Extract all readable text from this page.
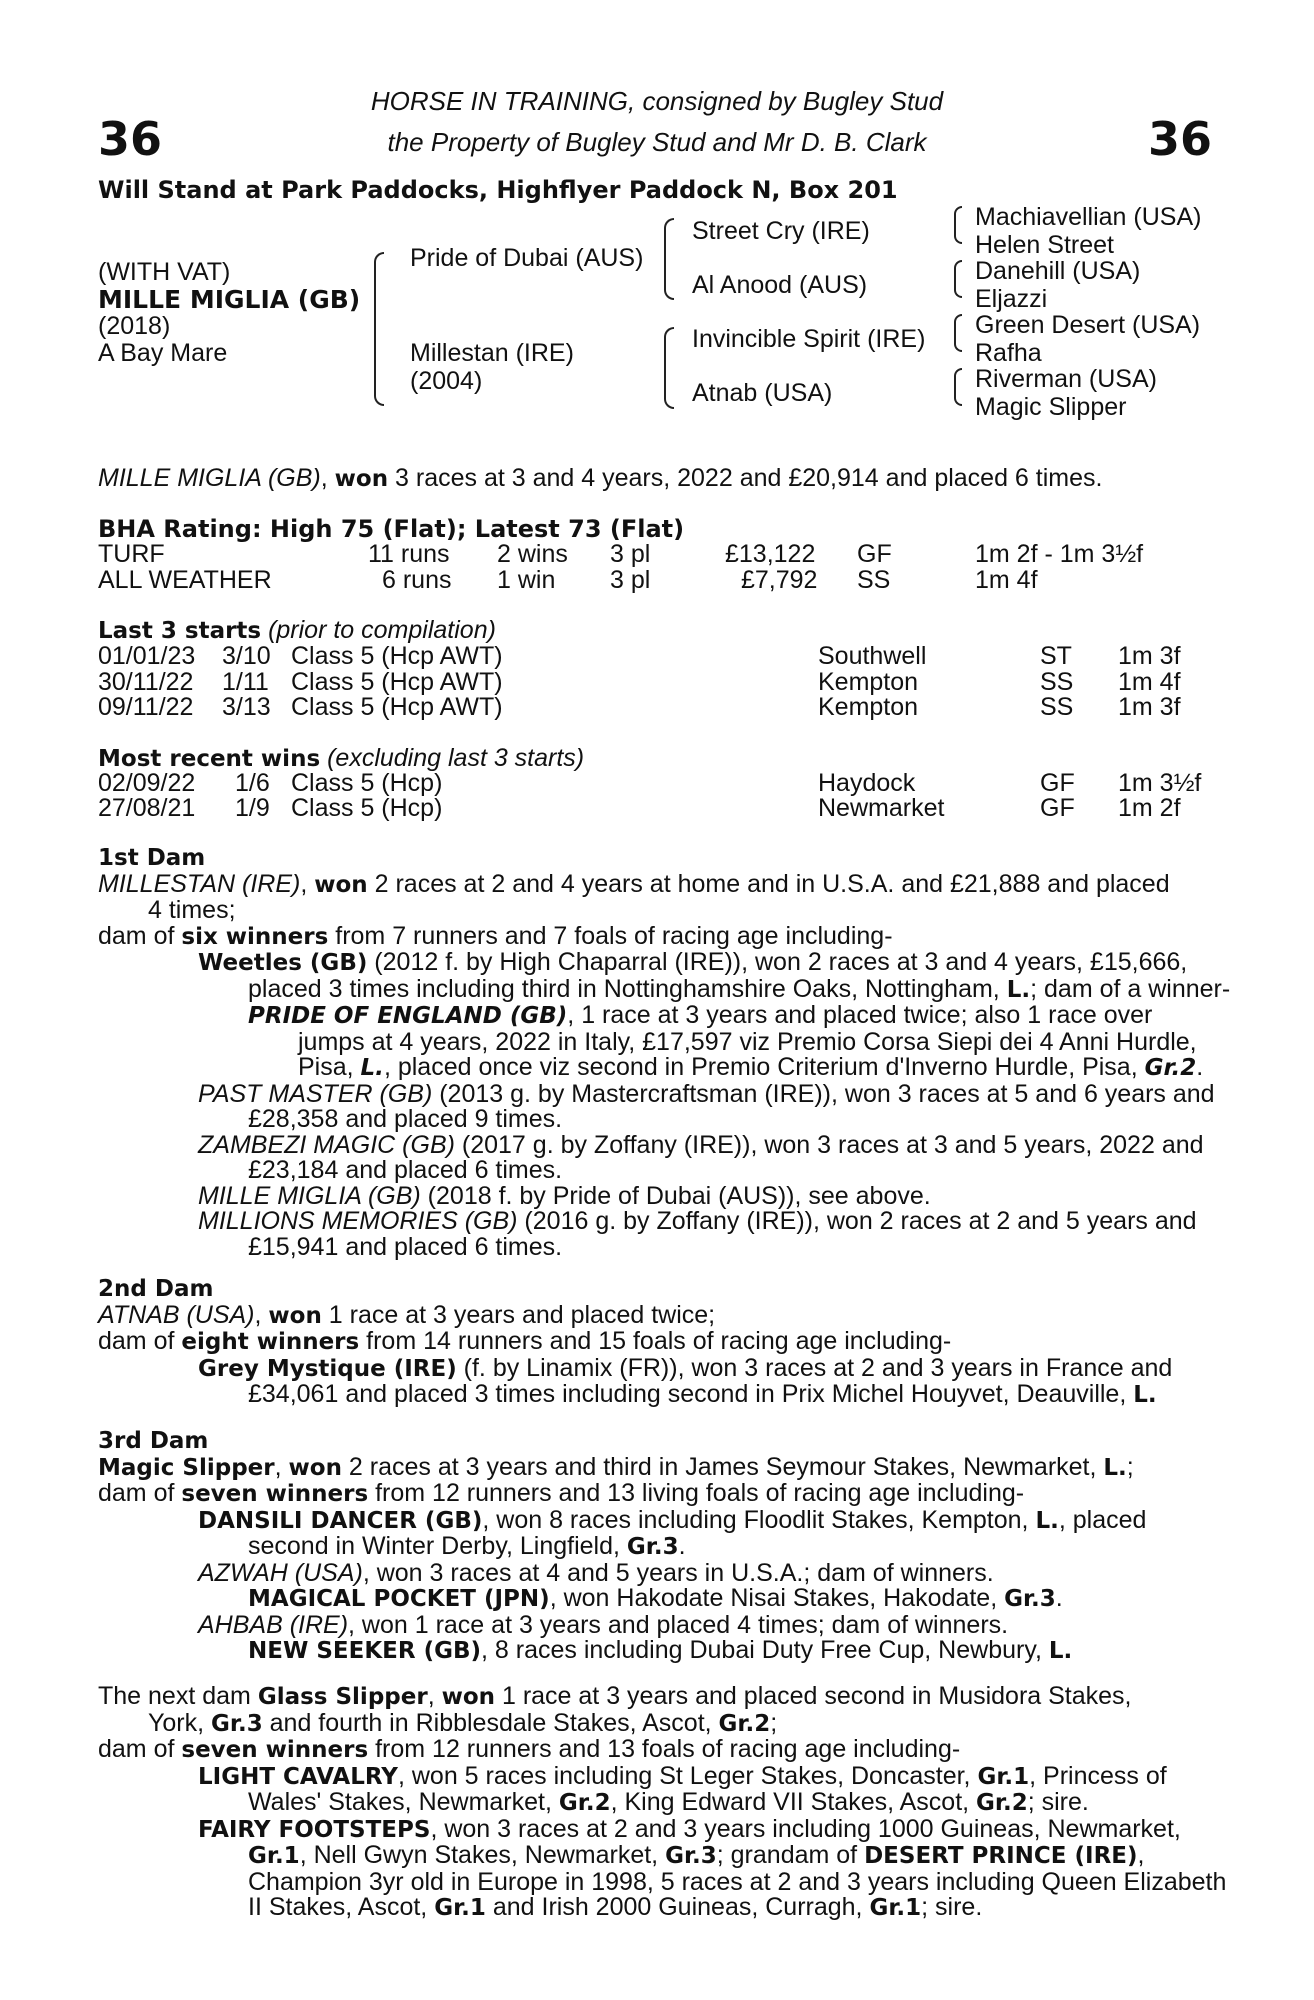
36	36
HORSE IN TRAINING, consigned by Bugley Stud
the Property of Bugley Stud and Mr D. B. Clark
Will Stand at Park Paddocks, Highflyer Paddock N, Box 201
(WITH VAT)
MILLE MIGLIA (GB)
(2018)
A Bay Mare
Pride of Dubai (AUS)
Millestan (IRE)
(2004)
Street Cry (IRE)
Al Anood (AUS)
Invincible Spirit (IRE)
Atnab (USA)
Machiavellian (USA)
Helen Street
Danehill (USA)
Eljazzi
Green Desert (USA)
Rafha
Riverman (USA)
Magic Slipper
MILLE MIGLIA (GB), won 3 races at 3 and 4 years, 2022 and £20,914 and placed 6 times.
BHA Rating: High 75 (Flat); Latest 73 (Flat)
TURF	11 runs 2 wins 3 pl	£13,122 GF	1m 2f - 1m 3½f
ALL WEATHER	6 runs 1 win 3 pl	£7,792 SS	1m 4f
Last 3 starts (prior to compilation)
01/01/23 3/10 Class 5 (Hcp AWT)	Southwell	ST 1m 3f
30/11/22 1/11 Class 5 (Hcp AWT)	Kempton	SS 1m 4f
09/11/22 3/13 Class 5 (Hcp AWT)	Kempton	SS 1m 3f
Most recent wins (excluding last 3 starts)
02/09/22 1/6 Class 5 (Hcp)	Haydock	GF 1m 3½f
27/08/21 1/9 Class 5 (Hcp)	Newmarket	GF 1m 2f
1st Dam
MILLESTAN (IRE), won 2 races at 2 and 4 years at home and in U.S.A. and £21,888 and placed
4 times;
dam of six winners from 7 runners and 7 foals of racing age including-
Weetles (GB) (2012 f. by High Chaparral (IRE)), won 2 races at 3 and 4 years, £15,666,
placed 3 times including third in Nottinghamshire Oaks, Nottingham, L.; dam of a winner-
PRIDE OF ENGLAND (GB), 1 race at 3 years and placed twice; also 1 race over
jumps at 4 years, 2022 in Italy, £17,597 viz Premio Corsa Siepi dei 4 Anni Hurdle,
Pisa, L., placed once viz second in Premio Criterium d'Inverno Hurdle, Pisa, Gr.2.
PAST MASTER (GB) (2013 g. by Mastercraftsman (IRE)), won 3 races at 5 and 6 years and
£28,358 and placed 9 times.
ZAMBEZI MAGIC (GB) (2017 g. by Zoffany (IRE)), won 3 races at 3 and 5 years, 2022 and
£23,184 and placed 6 times.
MILLE MIGLIA (GB) (2018 f. by Pride of Dubai (AUS)), see above.
MILLIONS MEMORIES (GB) (2016 g. by Zoffany (IRE)), won 2 races at 2 and 5 years and
£15,941 and placed 6 times.
2nd Dam
ATNAB (USA), won 1 race at 3 years and placed twice;
dam of eight winners from 14 runners and 15 foals of racing age including-
Grey Mystique (IRE) (f. by Linamix (FR)), won 3 races at 2 and 3 years in France and
£34,061 and placed 3 times including second in Prix Michel Houyvet, Deauville, L.
3rd Dam
Magic Slipper, won 2 races at 3 years and third in James Seymour Stakes, Newmarket, L.;
dam of seven winners from 12 runners and 13 living foals of racing age including-
DANSILI DANCER (GB), won 8 races including Floodlit Stakes, Kempton, L., placed
second in Winter Derby, Lingfield, Gr.3.
AZWAH (USA), won 3 races at 4 and 5 years in U.S.A.; dam of winners.
MAGICAL POCKET (JPN), won Hakodate Nisai Stakes, Hakodate, Gr.3.
AHBAB (IRE), won 1 race at 3 years and placed 4 times; dam of winners.
NEW SEEKER (GB), 8 races including Dubai Duty Free Cup, Newbury, L.
The next dam Glass Slipper, won 1 race at 3 years and placed second in Musidora Stakes,
York, Gr.3 and fourth in Ribblesdale Stakes, Ascot, Gr.2;
dam of seven winners from 12 runners and 13 foals of racing age including-
LIGHT CAVALRY, won 5 races including St Leger Stakes, Doncaster, Gr.1, Princess of
Wales' Stakes, Newmarket, Gr.2, King Edward VII Stakes, Ascot, Gr.2; sire.
FAIRY FOOTSTEPS, won 3 races at 2 and 3 years including 1000 Guineas, Newmarket,
Gr.1, Nell Gwyn Stakes, Newmarket, Gr.3; grandam of DESERT PRINCE (IRE),
Champion 3yr old in Europe in 1998, 5 races at 2 and 3 years including Queen Elizabeth
II Stakes, Ascot, Gr.1 and Irish 2000 Guineas, Curragh, Gr.1; sire.
